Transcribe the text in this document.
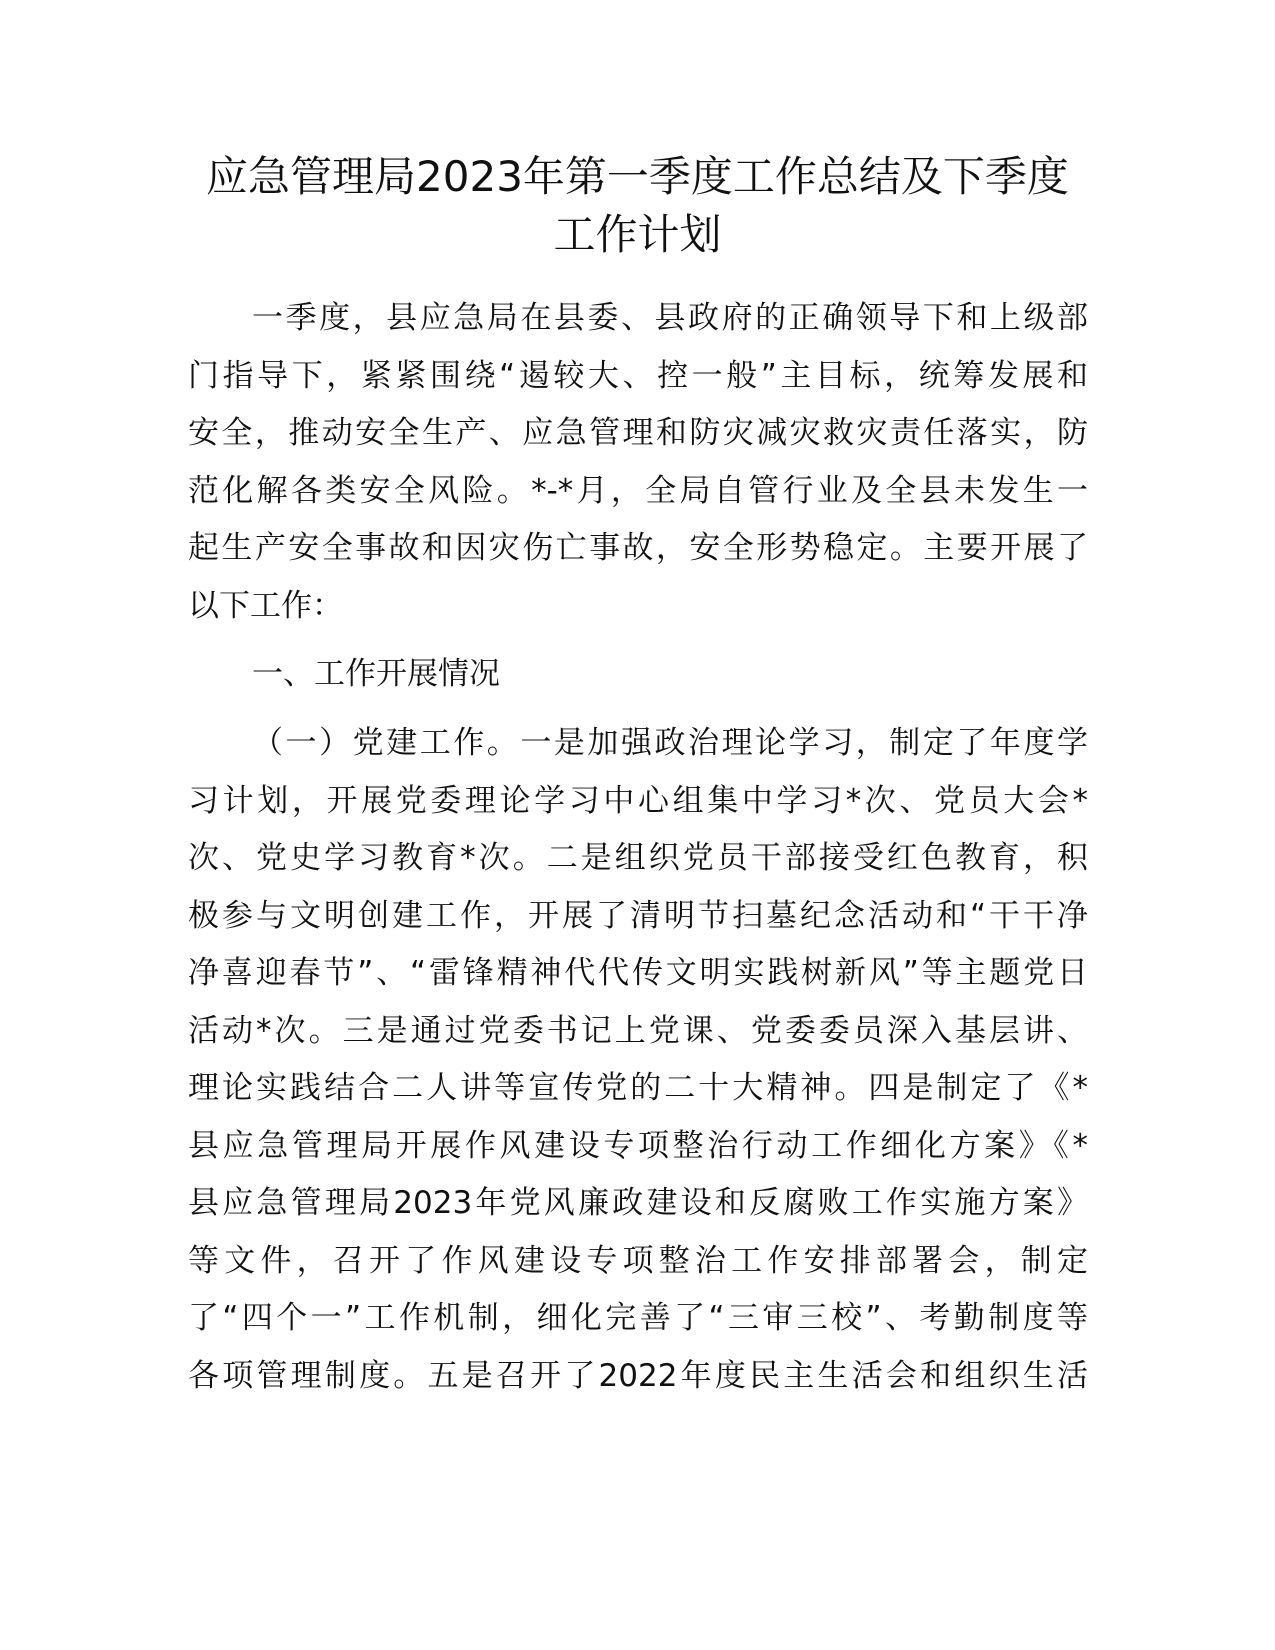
应急管理局2023年第一季度工作总结及下季度
工作计划
一季度，县应急局在县委、县政府的正确领导下和上级部
门指导下，紧紧围绕“遏较大、控一般”主目标，统筹发展和
安全，推动安全生产、应急管理和防灾减灾救灾责任落实，防
范化解各类安全风险。*-*月，全局自管行业及全县未发生一
起生产安全事故和因灾伤亡事故，安全形势稳定。主要开展了
以下工作：
一、工作开展情况
（一）党建工作。一是加强政治理论学习，制定了年度学
习计划，开展党委理论学习中心组集中学习*次、党员大会*
次、党史学习教育*次。二是组织党员干部接受红色教育，积
极参与文明创建工作，开展了清明节扫墓纪念活动和“干干净
净喜迎春节”、“雷锋精神代代传文明实践树新风”等主题党日
活动*次。三是通过党委书记上党课、党委委员深入基层讲、
理论实践结合二人讲等宣传党的二十大精神。四是制定了《*
县应急管理局开展作风建设专项整治行动工作细化方案》《*
县应急管理局2023年党风廉政建设和反腐败工作实施方案》
等文件，召开了作风建设专项整治工作安排部署会，制定
了“四个一”工作机制，细化完善了“三审三校”、考勤制度等
各项管理制度。五是召开了2022年度民主生活会和组织生活
